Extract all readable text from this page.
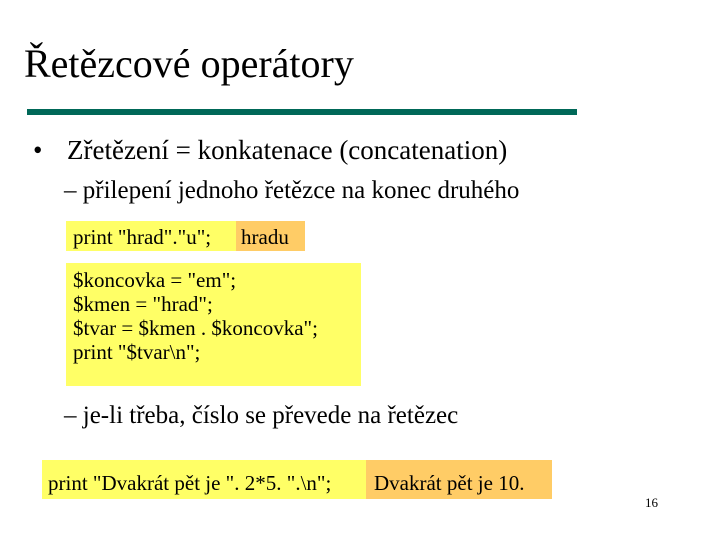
Řetězcové operátory
• Zřetězení = konkatenace (concatenation)
– přilepení jednoho řetězce na konec druhého
print "hrad"."u";	hradu
$koncovka = "em";
$kmen = "hrad";
$tvar = $kmen . $koncovka";
print "$tvar\n";
– je-li třeba, číslo se převede na řetězec
print "Dvakrát pět je ". 2*5. ".\n";	Dvakrát pět je 10.
16
